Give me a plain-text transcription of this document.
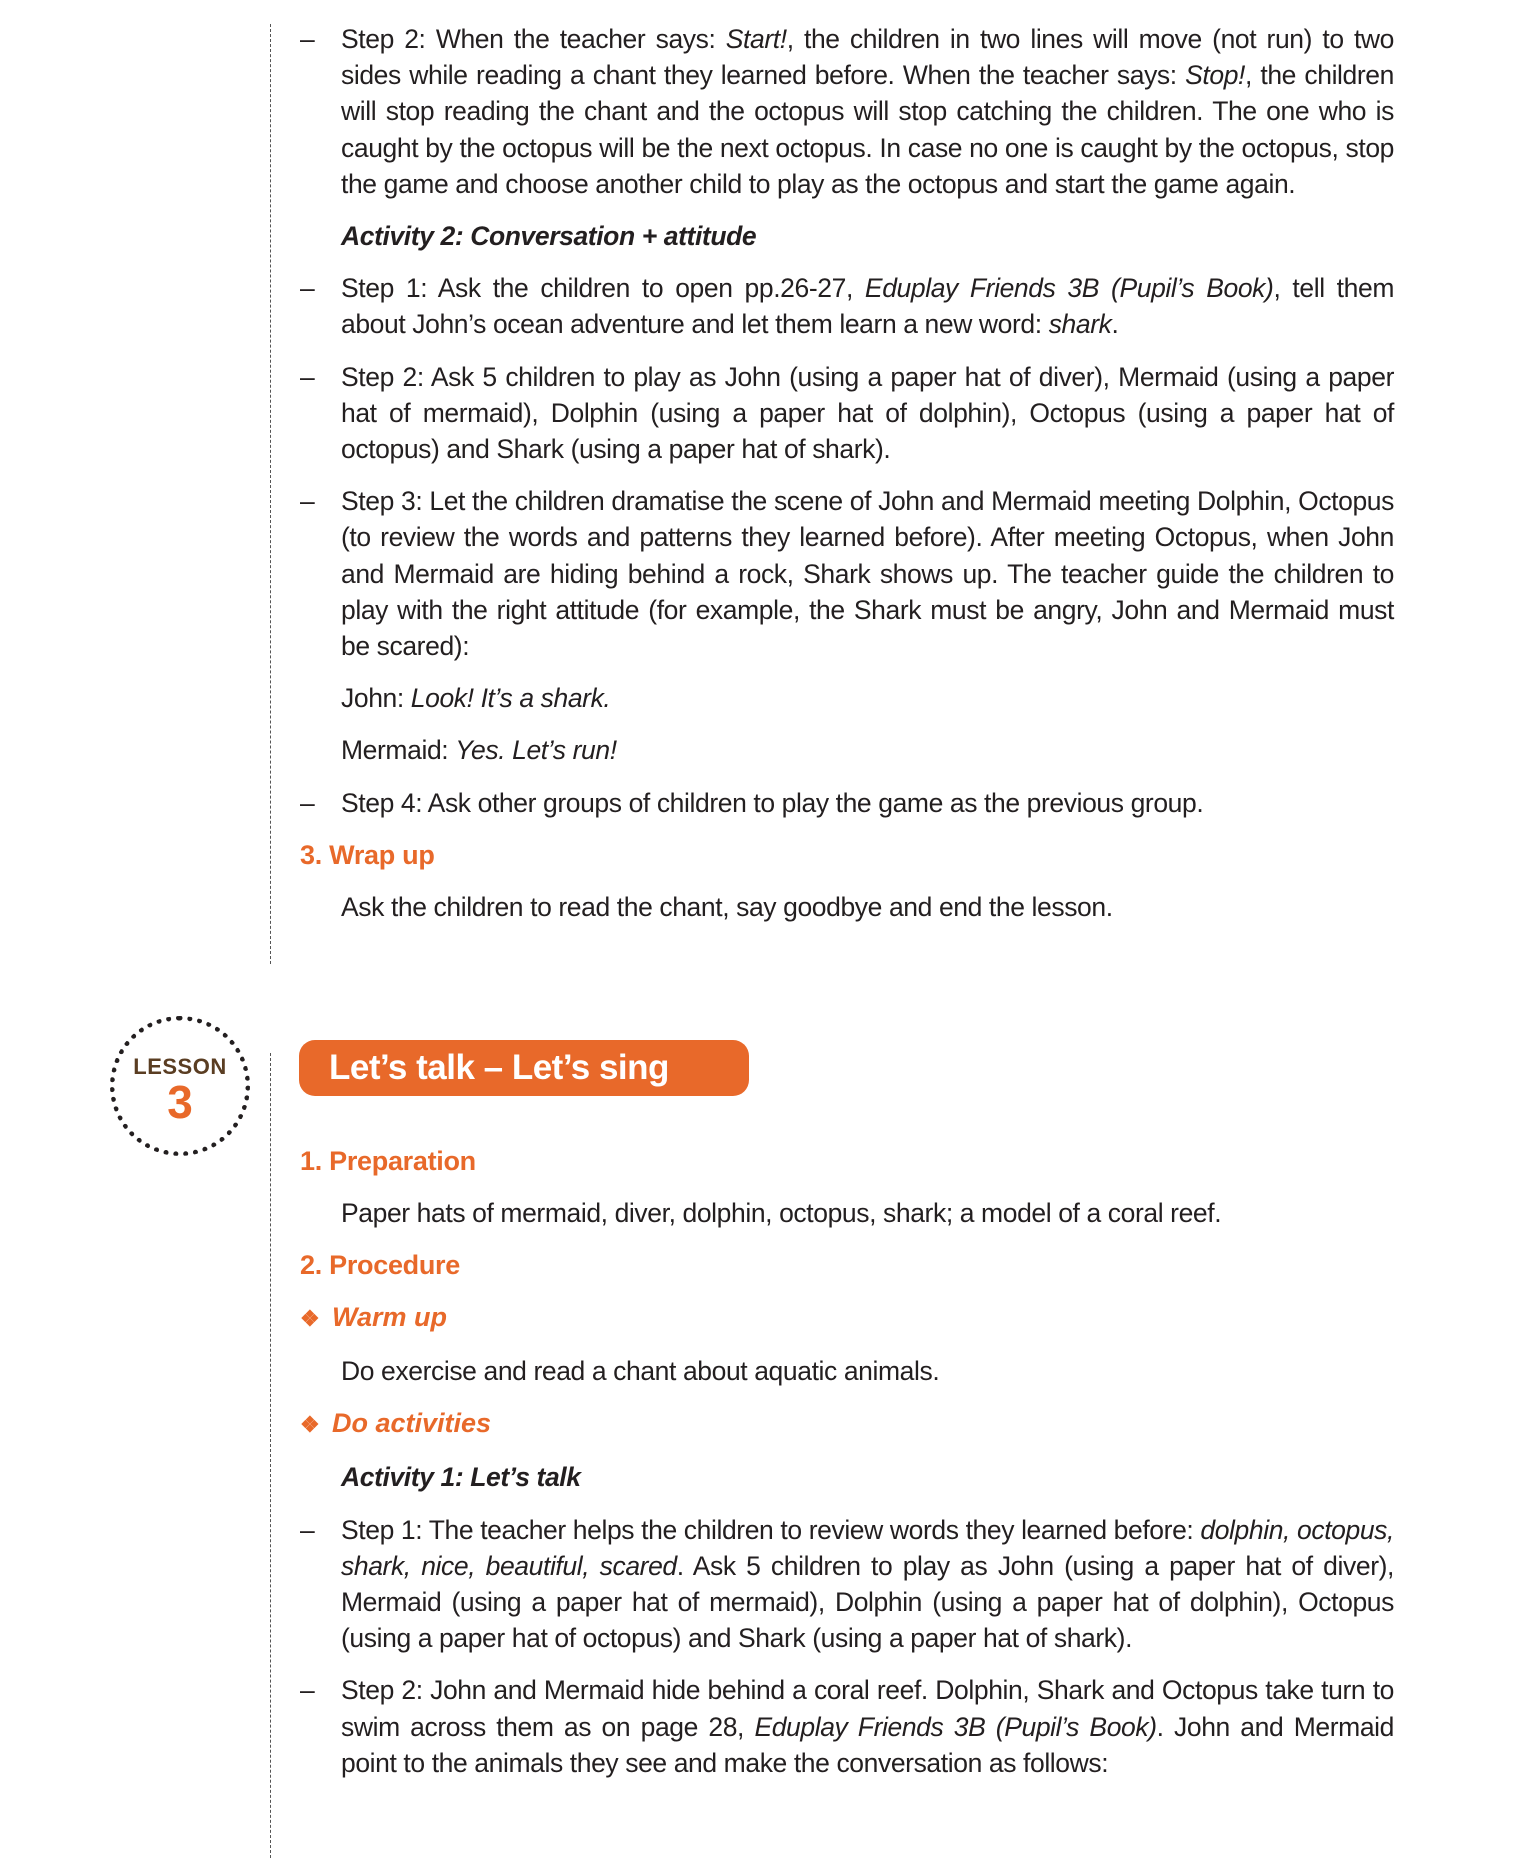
– Step 2: When the teacher says: Start!, the children in two lines will move (not run) to two sides while reading a chant they learned before. When the teacher says: Stop!, the children will stop reading the chant and the octopus will stop catching the children. The one who is caught by the octopus will be the next octopus. In case no one is caught by the octopus, stop the game and choose another child to play as the octopus and start the game again.
Activity 2: Conversation + attitude
– Step 1: Ask the children to open pp.26-27, Eduplay Friends 3B (Pupil’s Book), tell them about John’s ocean adventure and let them learn a new word: shark.
– Step 2: Ask 5 children to play as John (using a paper hat of diver), Mermaid (using a paper hat of mermaid), Dolphin (using a paper hat of dolphin), Octopus (using a paper hat of octopus) and Shark (using a paper hat of shark).
– Step 3: Let the children dramatise the scene of John and Mermaid meeting Dolphin, Octopus (to review the words and patterns they learned before). After meeting Octopus, when John and Mermaid are hiding behind a rock, Shark shows up. The teacher guide the children to play with the right attitude (for example, the Shark must be angry, John and Mermaid must be scared):
John: Look! It’s a shark.
Mermaid: Yes. Let’s run!
– Step 4: Ask other groups of children to play the game as the previous group.
3. Wrap up
Ask the children to read the chant, say goodbye and end the lesson.
LESSON
3
Let’s talk – Let’s sing
1. Preparation
Paper hats of mermaid, diver, dolphin, octopus, shark; a model of a coral reef.
2. Procedure
❖ Warm up
Do exercise and read a chant about aquatic animals.
❖ Do activities
Activity 1: Let’s talk
– Step 1: The teacher helps the children to review words they learned before: dolphin, octopus, shark, nice, beautiful, scared. Ask 5 children to play as John (using a paper hat of diver), Mermaid (using a paper hat of mermaid), Dolphin (using a paper hat of dolphin), Octopus (using a paper hat of octopus) and Shark (using a paper hat of shark).
– Step 2: John and Mermaid hide behind a coral reef. Dolphin, Shark and Octopus take turn to swim across them as on page 28, Eduplay Friends 3B (Pupil’s Book). John and Mermaid point to the animals they see and make the conversation as follows:
